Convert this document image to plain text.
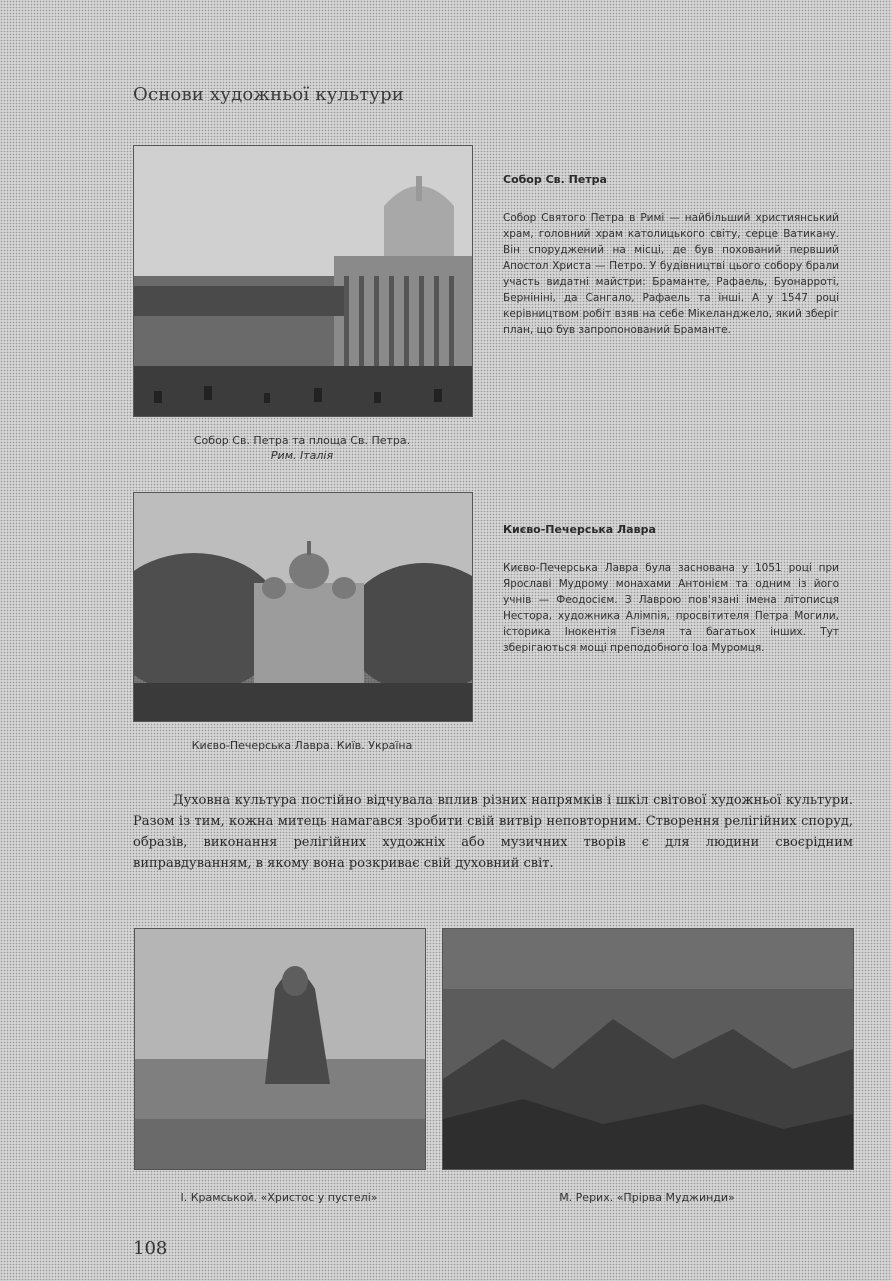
Основи художньої культури
Собор Св. Петра та площа Св. Петра.
Рим. Італія
Собор Св. Петра

Собор Святого Петра в Римі — найбільший християнський храм, головний храм католицького світу, серце Ватикану. Він споруджений на місці, де був похований первший Апостол Христа — Петро. У будівництві цього собору брали участь видатні майстри: Браманте, Рафаель, Буонарроті, Бернініні, да Сангало, Рафаель та інші. А у 1547 році керівництвом робіт взяв на себе Мікеланджело, який зберіг план, що був запропонований Браманте.

Києво-Печерська Лавра. Київ. Україна
Києво-Печерська Лавра

Києво-Печерська Лавра була заснована у 1051 році при Ярославі Мудрому монахами Антонієм та одним із його учнів — Феодосієм. З Лаврою пов'язані імена літописця Нестора, художника Алімпія, просвітителя Петра Могили, історика Інокентія Гізеля та багатьох інших. Тут зберігаються мощі преподобного Іоа Муромця.

Духовна культура постійно відчувала вплив різних напрямків і шкіл світової художньої культури. Разом із тим, кожна митець намагався зробити свій витвір неповторним. Створення релігійних споруд, образів, виконання релігійних художніх або музичних творів є для людини своєрідним виправдуванням, в якому вона розкриває свій духовний світ.

І. Крамськой. «Христос у пустелі»	М. Рерих. «Прірва Муджинди»
108
